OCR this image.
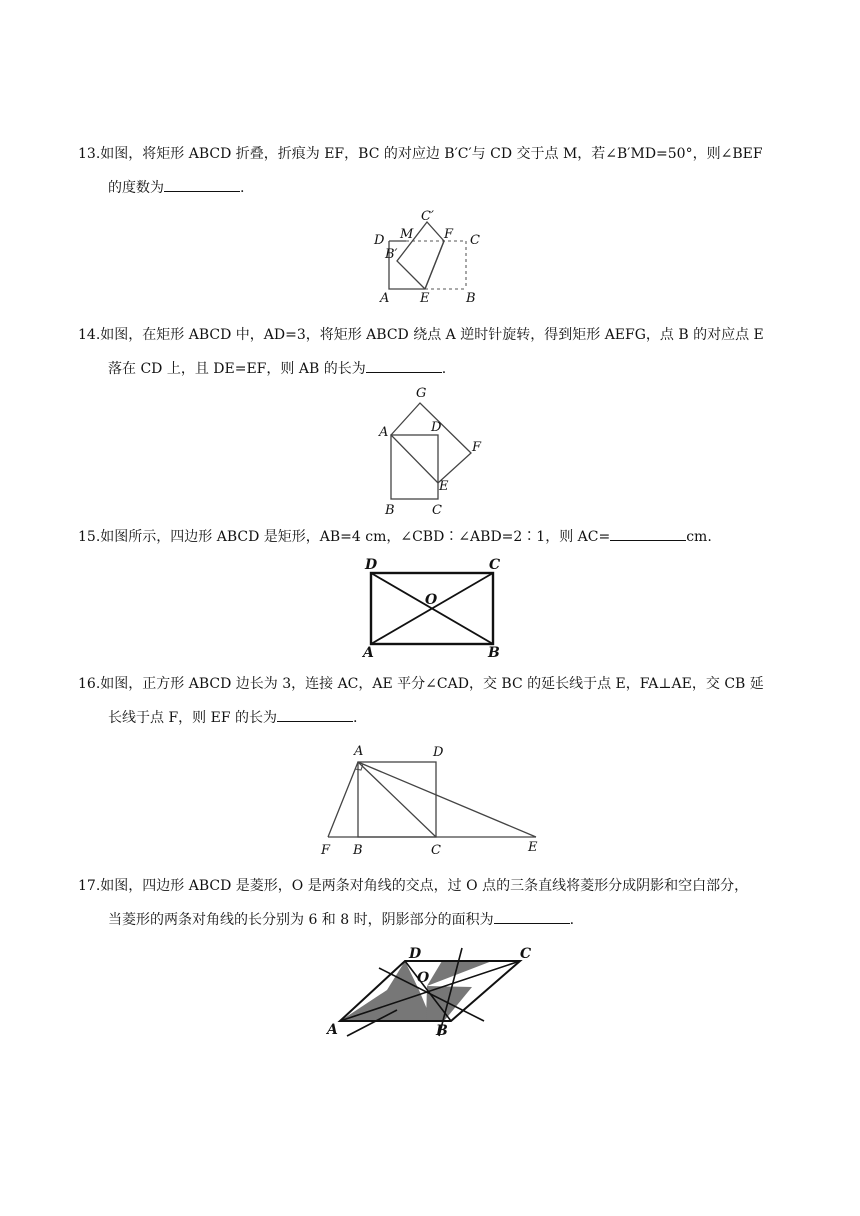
13.如图，将矩形 ABCD 折叠，折痕为 EF，BC 的对应边 B′C′与 CD 交于点 M，若∠B′MD=50°，则∠BEF

的度数为	.

C′
M F C
D
B′
A E	B

14.如图，在矩形 ABCD 中，AD=3，将矩形 ABCD 绕点 A 逆时针旋转，得到矩形 AEFG，点 B 的对应点 E

落在 CD 上，且 DE=EF，则 AB 的长为	.

G
A	D
F
E
B	C

15.如图所示，四边形 ABCD 是矩形，AB=4 cm，∠CBD∶∠ABD=2∶1，则 AC=	cm.

D	C
O
A	B

16.如图，正方形 ABCD 边长为 3，连接 AC，AE 平分∠CAD，交 BC 的延长线于点 E，FA⊥AE，交 CB 延

长线于点 F，则 EF 的长为	.

A	D
F B	C	E

17.如图，四边形 ABCD 是菱形，O 是两条对角线的交点，过 O 点的三条直线将菱形分成阴影和空白部分，

当菱形的两条对角线的长分别为 6 和 8 时，阴影部分的面积为	.

D	C
O
A	B
